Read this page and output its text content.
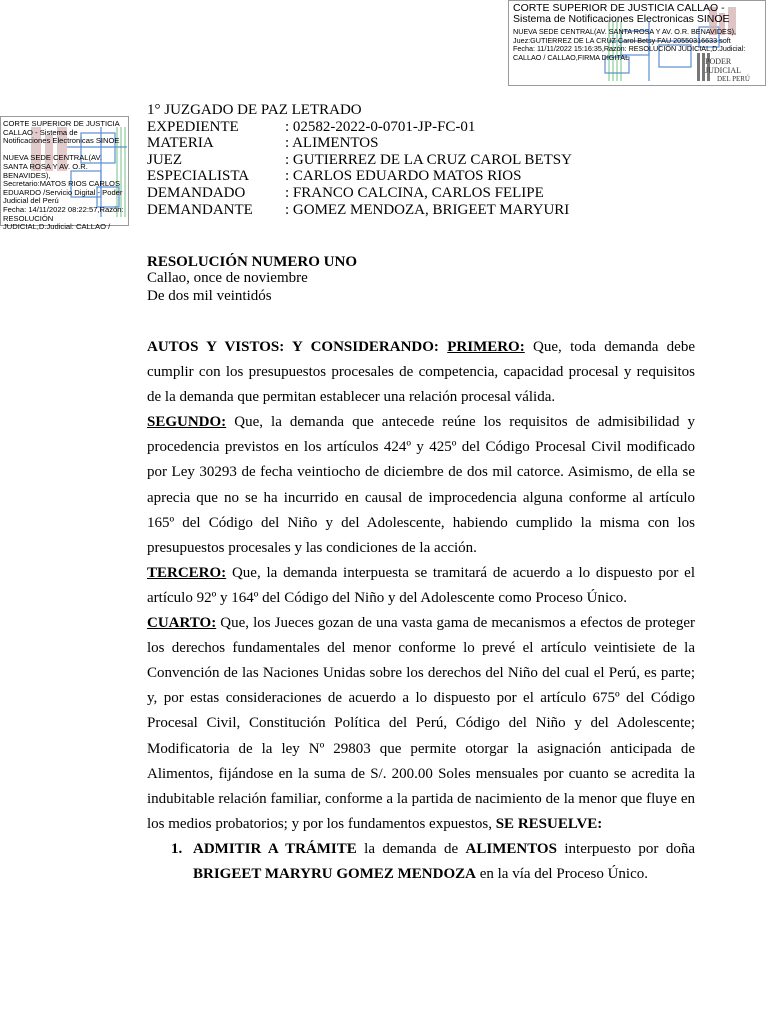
CORTE SUPERIOR DE JUSTICIA CALLAO - Sistema de Notificaciones Electronicas SINOE
NUEVA SEDE CENTRAL(AV. SANTA ROSA Y AV. O.R. BENAVIDES),
Juez:GUTIERREZ DE LA CRUZ Carol Betsy FAU 20550316633 soft
Fecha: 11/11/2022 15:16:35,Razón: RESOLUCIÓN JUDICIAL,D.Judicial:
CALLAO / CALLAO,FIRMA DIGITAL	PODER JUDICIAL
DEL PERÚ
CORTE SUPERIOR DE JUSTICIA
CALLAO - Sistema de
Notificaciones Electronicas SINOE

NUEVA SEDE CENTRAL(AV.
SANTA ROSA Y AV. O.R.
BENAVIDES),
Secretario:MATOS RIOS CARLOS
EDUARDO /Servicio Digital - Poder
Judicial del Perú
Fecha: 14/11/2022 08:22:57,Razón:
RESOLUCIÓN
JUDICIAL,D.Judicial: CALLAO /
1° JUZGADO DE PAZ LETRADO
EXPEDIENTE	: 02582-2022-0-0701-JP-FC-01
MATERIA	: ALIMENTOS
JUEZ	: GUTIERREZ DE LA CRUZ CAROL BETSY
ESPECIALISTA	: CARLOS EDUARDO MATOS RIOS
DEMANDADO	: FRANCO CALCINA, CARLOS FELIPE
DEMANDANTE	: GOMEZ MENDOZA, BRIGEET MARYURI
RESOLUCIÓN NUMERO UNO
Callao, once de noviembre
De dos mil veintidós

AUTOS Y VISTOS: Y CONSIDERANDO: PRIMERO: Que, toda demanda debe cumplir con los presupuestos procesales de competencia, capacidad procesal y requisitos de la demanda que permitan establecer una relación procesal válida.

SEGUNDO: Que, la demanda que antecede reúne los requisitos de admisibilidad y procedencia previstos en los artículos 424º y 425º del Código Procesal Civil modificado por Ley 30293 de fecha veintiocho de diciembre de dos mil catorce. Asimismo, de ella se aprecia que no se ha incurrido en causal de improcedencia alguna conforme al artículo 165º del Código del Niño y del Adolescente, habiendo cumplido la misma con los presupuestos procesales y las condiciones de la acción.

TERCERO: Que, la demanda interpuesta se tramitará de acuerdo a lo dispuesto por el artículo 92º y 164º del Código del Niño y del Adolescente como Proceso Único.

CUARTO: Que, los Jueces gozan de una vasta gama de mecanismos a efectos de proteger los derechos fundamentales del menor conforme lo prevé el artículo veintisiete de la Convención de las Naciones Unidas sobre los derechos del Niño del cual el Perú, es parte; y, por estas consideraciones de acuerdo a lo dispuesto por el artículo 675º del Código Procesal Civil, Constitución Política del Perú, Código del Niño y del Adolescente; Modificatoria de la ley Nº 29803 que permite otorgar la asignación anticipada de Alimentos, fijándose en la suma de S/. 200.00 Soles mensuales por cuanto se acredita la indubitable relación familiar, conforme a la partida de nacimiento de la menor que fluye en los medios probatorios; y por los fundamentos expuestos, SE RESUELVE:

1. ADMITIR A TRÁMITE la demanda de ALIMENTOS interpuesto por doña BRIGEET MARYRU GOMEZ MENDOZA en la vía del Proceso Único.
